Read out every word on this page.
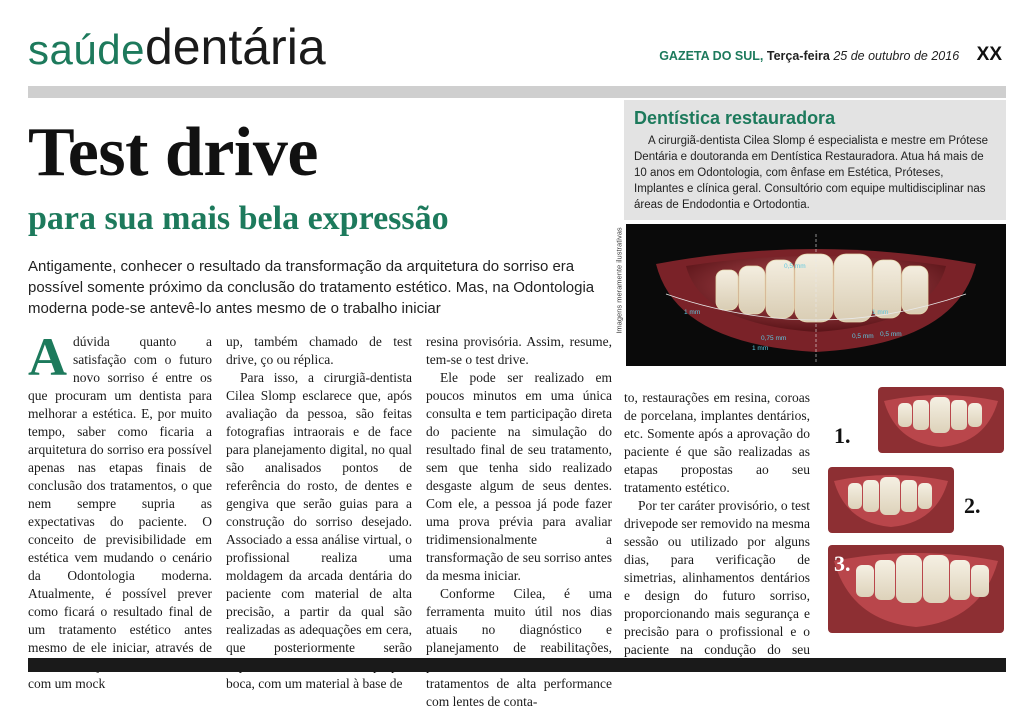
saúdedentária	GAZETA DO SUL, Terça-feira 25 de outubro de 2016 XX
Test drive
para sua mais bela expressão

Antigamente, conhecer o resultado da transformação da arquitetura do sorriso era possível somente próximo da conclusão do tratamento estético. Mas, na Odontologia moderna pode-se antevê-lo antes mesmo de o trabalho iniciar

Adúvida quanto a satisfação com o futuro novo sorriso é entre os que procuram um dentista para melhorar a estética. E, por muito tempo, saber como ficaria a arquitetura do sorriso era possível apenas nas etapas finais de conclusão dos tratamentos, o que nem sempre supria as expectativas do paciente. O conceito de previsibilidade em estética vem mudando o cenário da Odontologia moderna. Atualmente, é possível prever como ficará o resultado final de um tratamento estético antes mesmo de ele iniciar, através de com um mock

up, também chamado de test drive, ço ou réplica.

Para isso, a cirurgiã-dentista Cilea Slomp esclarece que, após avaliação da pessoa, são feitas fotografias intraorais e de face para planejamento digital, no qual são analisados pontos de referência do rosto, de dentes e gengiva que serão guias para a construção do sorriso desejado. Associado a essa análise virtual, o profissional realiza uma moldagem da arcada dentária do paciente com material de alta precisão, a partir da qual são realizadas as adequações em cera, que posteriormente serão boca, com um material à base de

resina provisória. Assim, resume, tem-se o test drive.

Ele pode ser realizado em poucos minutos em uma única consulta e tem participação direta do paciente na simulação do resultado final de seu tratamento, sem que tenha sido realizado desgaste algum de seus dentes. Com ele, a pessoa já pode fazer uma prova prévia para avaliar tridimensionalmente a transformação de seu sorriso antes da mesma iniciar.

Conforme Cilea, é uma ferramenta muito útil nos dias atuais no diagnóstico e planejamento de reabilitações, tratamentos de alta performance com lentes de conta-

to, restaurações em resina, coroas de porcelana, implantes dentários, etc. Somente após a aprovação do paciente é que são realizadas as etapas propostas ao seu tratamento estético.

Por ter caráter provisório, o test drivepode ser removido na mesma sessão ou utilizado por alguns dias, para verificação de simetrias, alinhamentos dentários e design do futuro sorriso, proporcionando mais segurança e precisão para o profissional e o paciente na condução do seu

Dentística restauradora

A cirurgiã-dentista Cilea Slomp é especialista e mestre em Prótese Dentária e doutoranda em Dentística Restauradora. Atua há mais de 10 anos em Odontologia, com ênfase em Estética, Próteses, Implantes e clínica geral. Consultório com equipe multidisciplinar nas áreas de Endodontia e Ortodontia.

Imagens meramente ilustrativas	1 mm	1 mm
0,75 mm	0,5 mm 0,5 mm
1 mm
0,5 mm
1.
2.
3.
